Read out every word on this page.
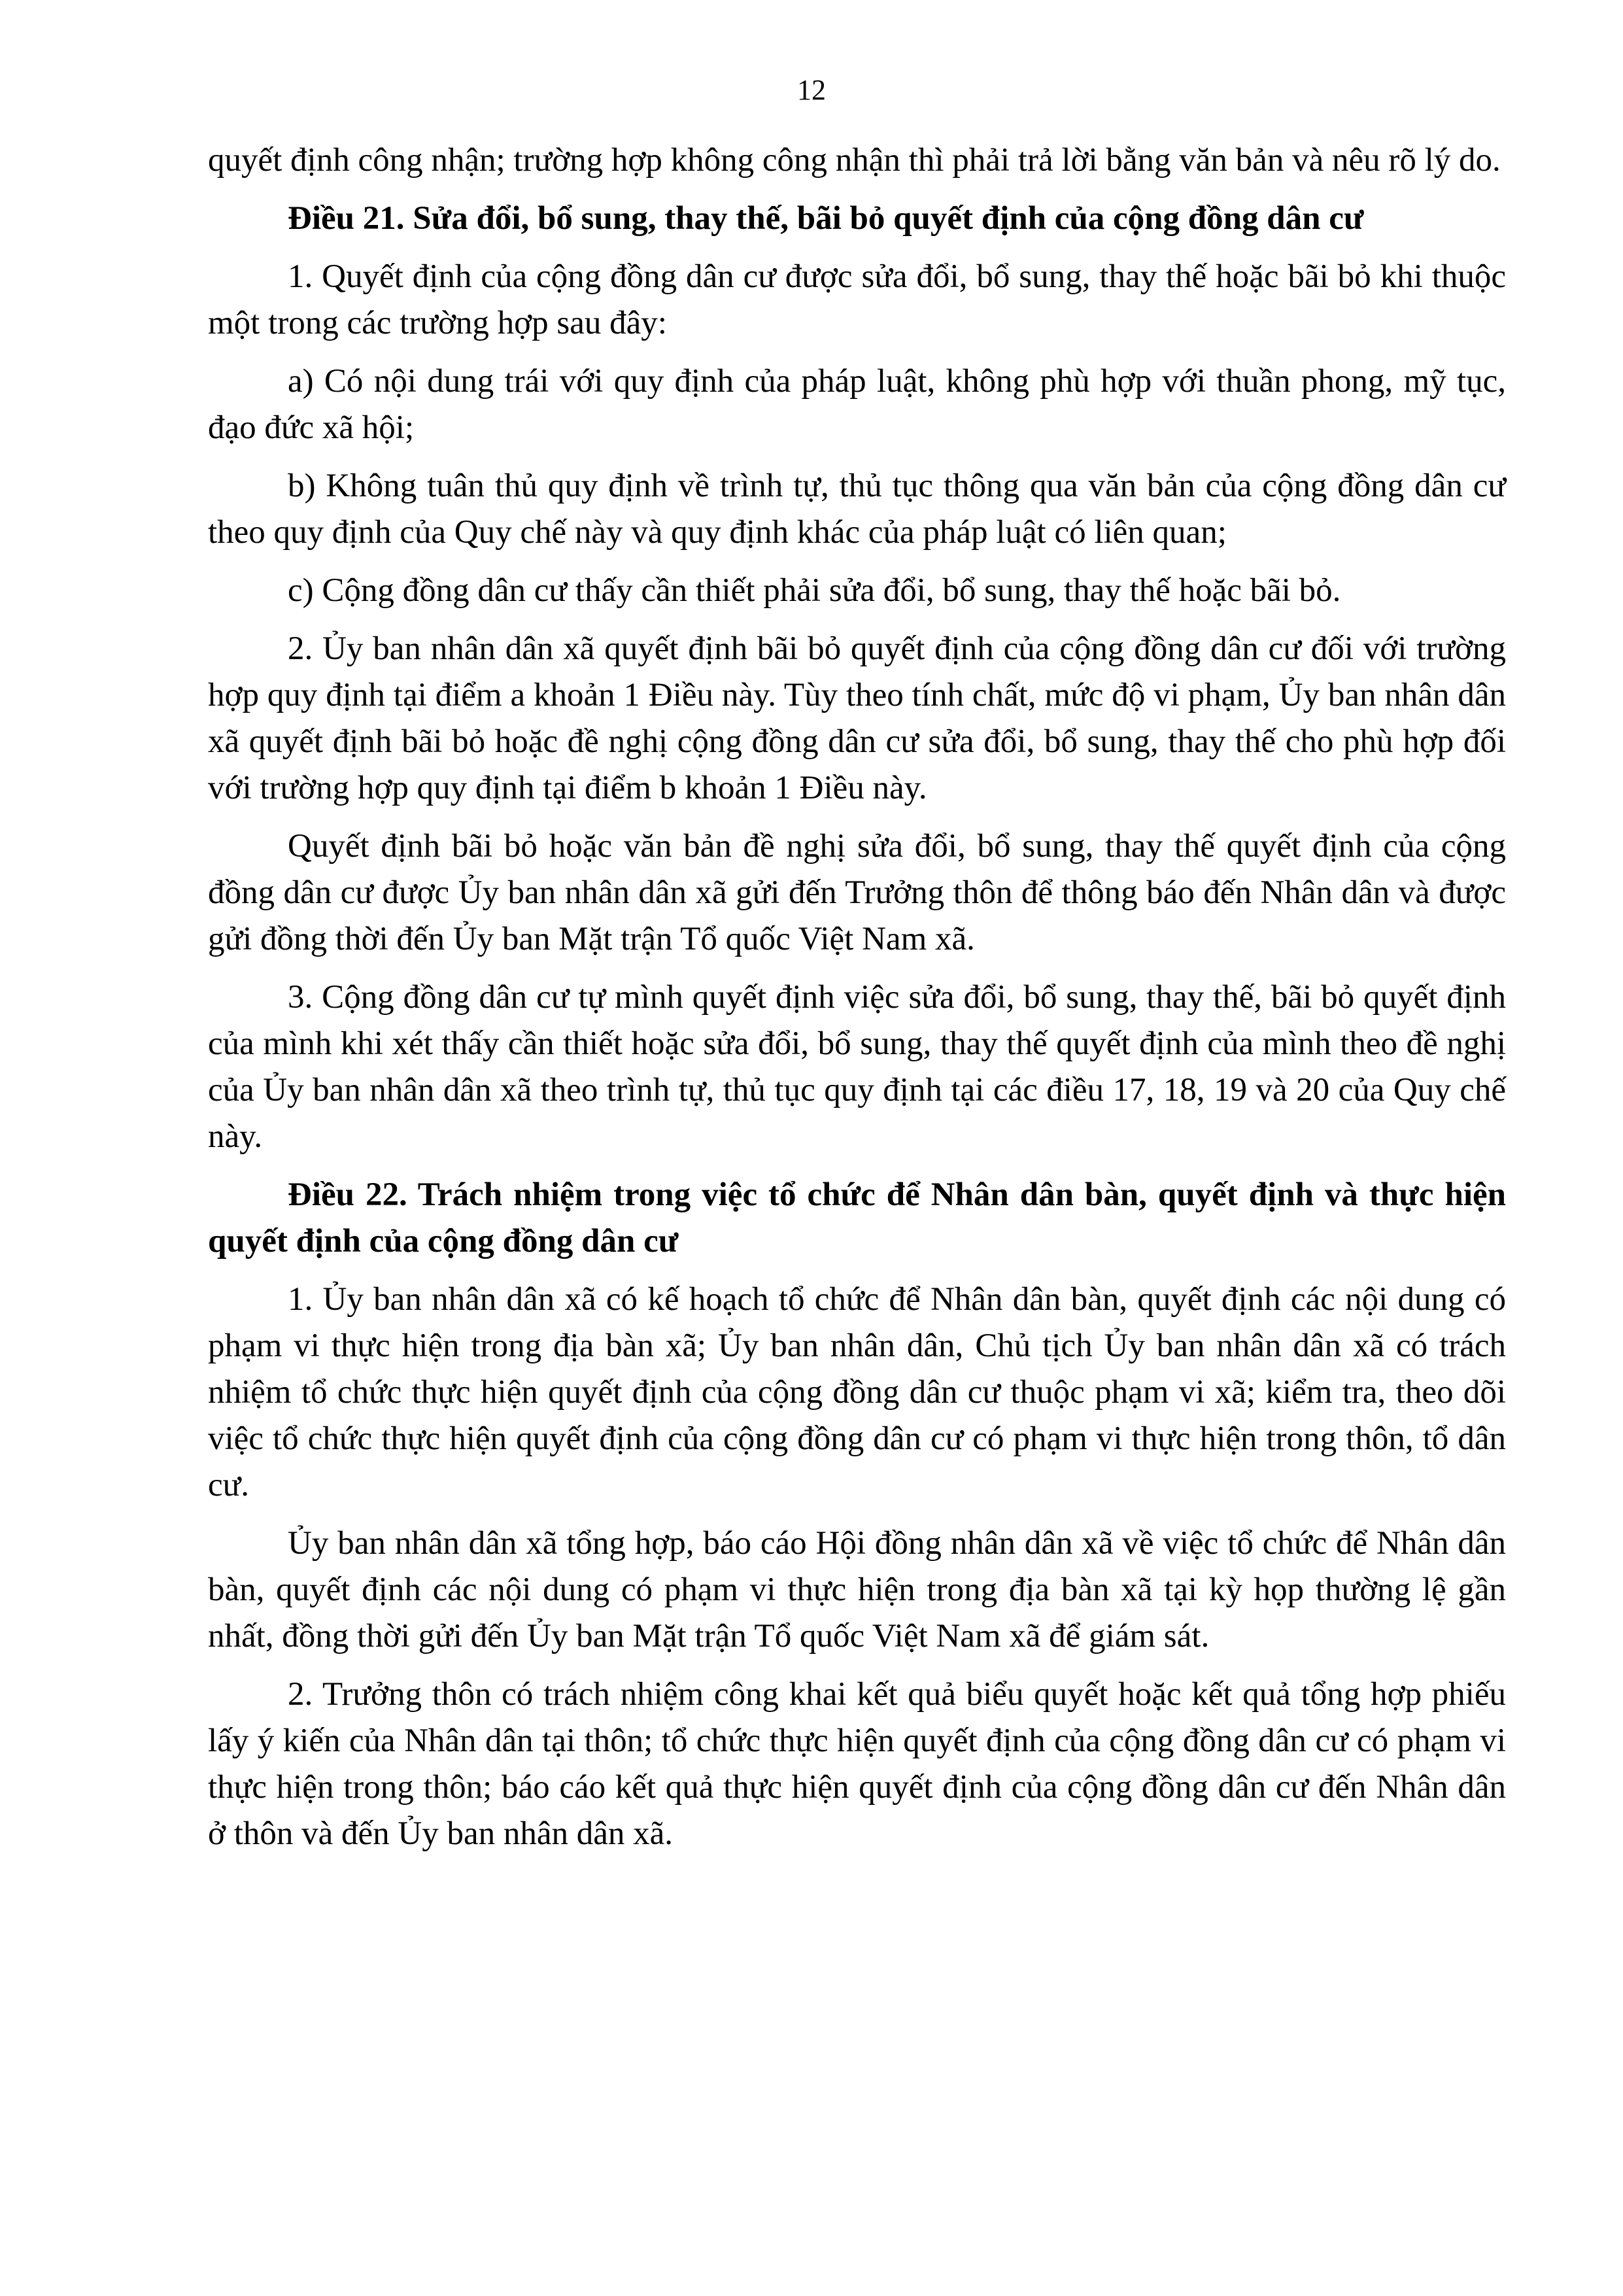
12

quyết định công nhận; trường hợp không công nhận thì phải trả lời bằng văn bản và nêu rõ lý do.

Điều 21. Sửa đổi, bổ sung, thay thế, bãi bỏ quyết định của cộng đồng dân cư

1. Quyết định của cộng đồng dân cư được sửa đổi, bổ sung, thay thế hoặc bãi bỏ khi thuộc một trong các trường hợp sau đây:

a) Có nội dung trái với quy định của pháp luật, không phù hợp với thuần phong, mỹ tục, đạo đức xã hội;

b) Không tuân thủ quy định về trình tự, thủ tục thông qua văn bản của cộng đồng dân cư theo quy định của Quy chế này và quy định khác của pháp luật có liên quan;

c) Cộng đồng dân cư thấy cần thiết phải sửa đổi, bổ sung, thay thế hoặc bãi bỏ.

2. Ủy ban nhân dân xã quyết định bãi bỏ quyết định của cộng đồng dân cư đối với trường hợp quy định tại điểm a khoản 1 Điều này. Tùy theo tính chất, mức độ vi phạm, Ủy ban nhân dân xã quyết định bãi bỏ hoặc đề nghị cộng đồng dân cư sửa đổi, bổ sung, thay thế cho phù hợp đối với trường hợp quy định tại điểm b khoản 1 Điều này.

Quyết định bãi bỏ hoặc văn bản đề nghị sửa đổi, bổ sung, thay thế quyết định của cộng đồng dân cư được Ủy ban nhân dân xã gửi đến Trưởng thôn để thông báo đến Nhân dân và được gửi đồng thời đến Ủy ban Mặt trận Tổ quốc Việt Nam xã.

3. Cộng đồng dân cư tự mình quyết định việc sửa đổi, bổ sung, thay thế, bãi bỏ quyết định của mình khi xét thấy cần thiết hoặc sửa đổi, bổ sung, thay thế quyết định của mình theo đề nghị của Ủy ban nhân dân xã theo trình tự, thủ tục quy định tại các điều 17, 18, 19 và 20 của Quy chế này.

Điều 22. Trách nhiệm trong việc tổ chức để Nhân dân bàn, quyết định và thực hiện quyết định của cộng đồng dân cư

1. Ủy ban nhân dân xã có kế hoạch tổ chức để Nhân dân bàn, quyết định các nội dung có phạm vi thực hiện trong địa bàn xã; Ủy ban nhân dân, Chủ tịch Ủy ban nhân dân xã có trách nhiệm tổ chức thực hiện quyết định của cộng đồng dân cư thuộc phạm vi xã; kiểm tra, theo dõi việc tổ chức thực hiện quyết định của cộng đồng dân cư có phạm vi thực hiện trong thôn, tổ dân cư.

Ủy ban nhân dân xã tổng hợp, báo cáo Hội đồng nhân dân xã về việc tổ chức để Nhân dân bàn, quyết định các nội dung có phạm vi thực hiện trong địa bàn xã tại kỳ họp thường lệ gần nhất, đồng thời gửi đến Ủy ban Mặt trận Tổ quốc Việt Nam xã để giám sát.

2. Trưởng thôn có trách nhiệm công khai kết quả biểu quyết hoặc kết quả tổng hợp phiếu lấy ý kiến của Nhân dân tại thôn; tổ chức thực hiện quyết định của cộng đồng dân cư có phạm vi thực hiện trong thôn; báo cáo kết quả thực hiện quyết định của cộng đồng dân cư đến Nhân dân ở thôn và đến Ủy ban nhân dân xã.
